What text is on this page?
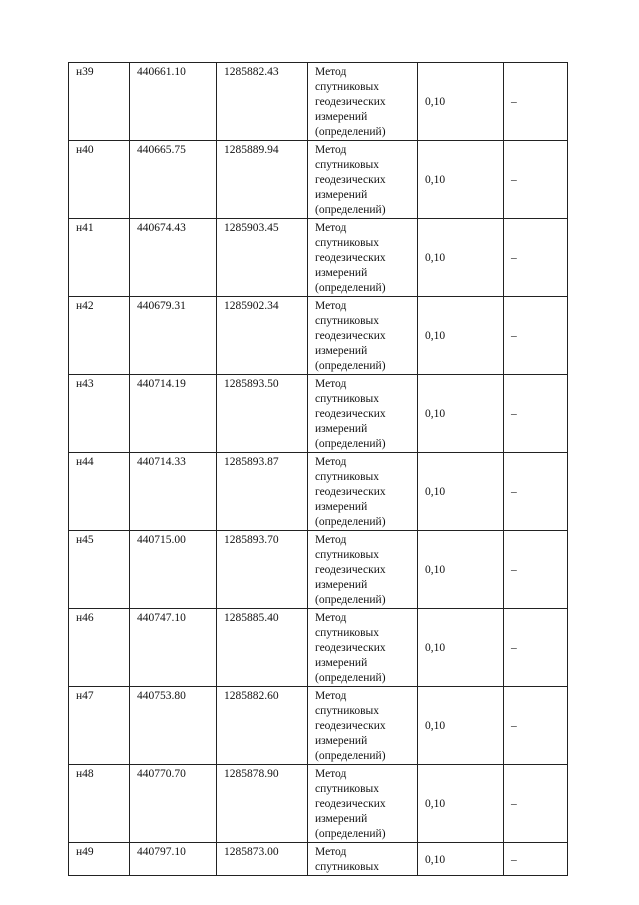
н39	440661.10	1285882.43	Метод
спутниковых
геодезических
измерений
(определений)	0,10	–
н40	440665.75	1285889.94	Метод
спутниковых
геодезических
измерений
(определений)	0,10	–
н41	440674.43	1285903.45	Метод
спутниковых
геодезических
измерений
(определений)	0,10	–
н42	440679.31	1285902.34	Метод
спутниковых
геодезических
измерений
(определений)	0,10	–
н43	440714.19	1285893.50	Метод
спутниковых
геодезических
измерений
(определений)	0,10	–
н44	440714.33	1285893.87	Метод
спутниковых
геодезических
измерений
(определений)	0,10	–
н45	440715.00	1285893.70	Метод
спутниковых
геодезических
измерений
(определений)	0,10	–
н46	440747.10	1285885.40	Метод
спутниковых
геодезических
измерений
(определений)	0,10	–
н47	440753.80	1285882.60	Метод
спутниковых
геодезических
измерений
(определений)	0,10	–
н48	440770.70	1285878.90	Метод
спутниковых
геодезических
измерений
(определений)	0,10	–
н49	440797.10	1285873.00	Метод
спутниковых	0,10	–
